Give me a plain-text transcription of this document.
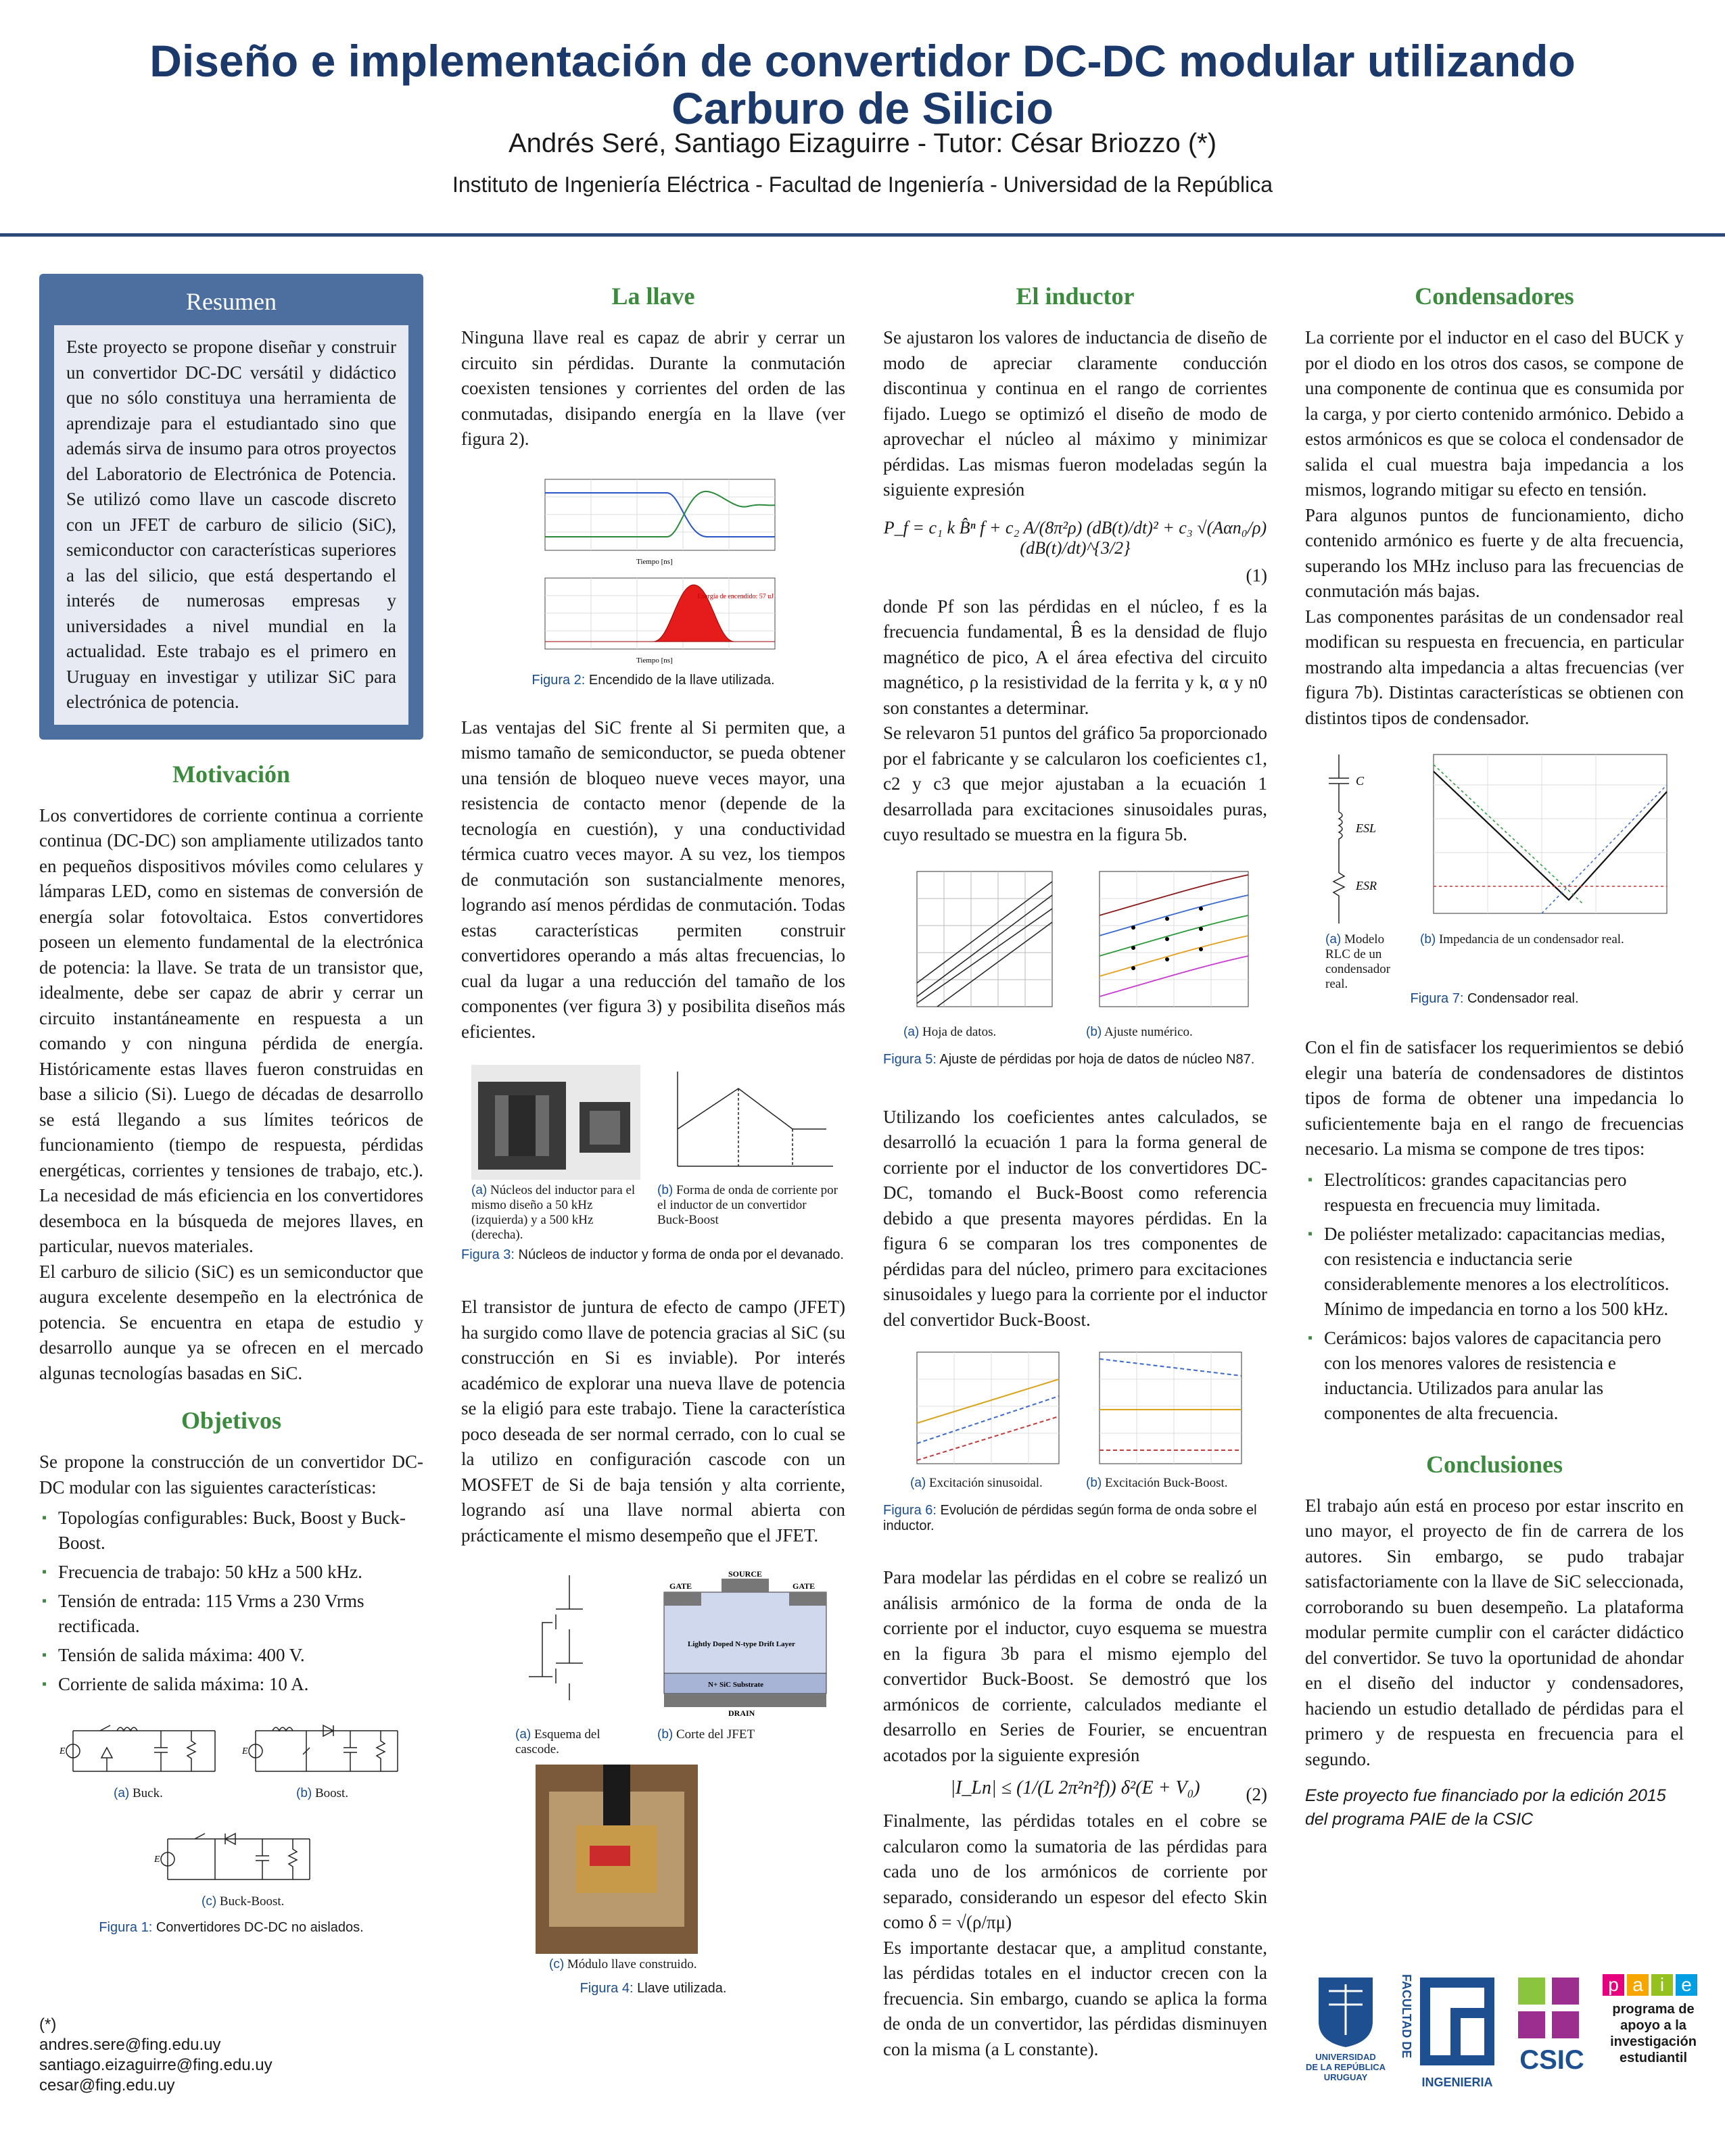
Diseño e implementación de convertidor DC-DC modular utilizando
Carburo de Silicio
Andrés Seré, Santiago Eizaguirre - Tutor: César Briozzo (*)
Instituto de Ingeniería Eléctrica - Facultad de Ingeniería - Universidad de la República
Resumen

Este proyecto se propone diseñar y construir un convertidor DC-DC versátil y didáctico que no sólo constituya una herramienta de aprendizaje para el estudiantado sino que además sirva de insumo para otros proyectos del Laboratorio de Electrónica de Potencia. Se utilizó como llave un cascode discreto con un JFET de carburo de silicio (SiC), semiconductor con características superiores a las del silicio, que está despertando el interés de numerosas empresas y universidades a nivel mundial en la actualidad. Este trabajo es el primero en Uruguay en investigar y utilizar SiC para electrónica de potencia.

Motivación

Los convertidores de corriente continua a corriente continua (DC-DC) son ampliamente utilizados tanto en pequeños dispositivos móviles como celulares y lámparas LED, como en sistemas de conversión de energía solar fotovoltaica. Estos convertidores poseen un elemento fundamental de la electrónica de potencia: la llave. Se trata de un transistor que, idealmente, debe ser capaz de abrir y cerrar un circuito instantáneamente en respuesta a un comando y con ninguna pérdida de energía. Históricamente estas llaves fueron construidas en base a silicio (Si). Luego de décadas de desarrollo se está llegando a sus límites teóricos de funcionamiento (tiempo de respuesta, pérdidas energéticas, corrientes y tensiones de trabajo, etc.). La necesidad de más eficiencia en los convertidores desemboca en la búsqueda de mejores llaves, en particular, nuevos materiales.

El carburo de silicio (SiC) es un semiconductor que augura excelente desempeño en la electrónica de potencia. Se encuentra en etapa de estudio y desarrollo aunque ya se ofrecen en el mercado algunas tecnologías basadas en SiC.

Objetivos

Se propone la construcción de un convertidor DC-DC modular con las siguientes características:

▪ Topologías configurables: Buck, Boost y Buck-Boost.
▪ Frecuencia de trabajo: 50 kHz a 500 kHz.
▪ Tensión de entrada: 115 Vrms a 230 Vrms rectificada.
▪ Tensión de salida máxima: 400 V.
▪ Corriente de salida máxima: 10 A.
E	E
(a) Buck.	(b) Boost.
E
(c) Buck-Boost.
Figura 1: Convertidores DC-DC no aislados.
(*)
andres.sere@fing.edu.uy
santiago.eizaguirre@fing.edu.uy
cesar@fing.edu.uy
La llave

Ninguna llave real es capaz de abrir y cerrar un circuito sin pérdidas. Durante la conmutación coexisten tensiones y corrientes del orden de las conmutadas, disipando energía en la llave (ver figura 2).

Tiempo [ns]
Energía de encendido: 57 uJ
Tiempo [ns]
Figura 2: Encendido de la llave utilizada.

Las ventajas del SiC frente al Si permiten que, a mismo tamaño de semiconductor, se pueda obtener una tensión de bloqueo nueve veces mayor, una resistencia de contacto menor (depende de la tecnología en cuestión), y una conductividad térmica cuatro veces mayor. A su vez, los tiempos de conmutación son sustancialmente menores, logrando así menos pérdidas de conmutación. Todas estas características permiten construir convertidores operando a más altas frecuencias, lo cual da lugar a una reducción del tamaño de los componentes (ver figura 3) y posibilita diseños más eficientes.

(a) Núcleos del inductor para el mismo diseño a 50 kHz (izquierda) y a 500 kHz (derecha).
(b) Forma de onda de corriente por el inductor de un convertidor Buck-Boost
Figura 3: Núcleos de inductor y forma de onda por el devanado.

El transistor de juntura de efecto de campo (JFET) ha surgido como llave de potencia gracias al SiC (su construcción en Si es inviable). Por interés académico de explorar una nueva llave de potencia se la eligió para este trabajo. Tiene la característica poco deseada de ser normal cerrado, con lo cual se la utilizo en configuración cascode con un MOSFET de Si de baja tensión y alta corriente, logrando así una llave normal abierta con prácticamente el mismo desempeño que el JFET.

SOURCE
GATE	GATE
Lightly Doped N-type Drift Layer
N+ SiC Substrate
DRAIN
(a) Esquema del cascode.
(b) Corte del JFET
(c) Módulo llave construido.
Figura 4: Llave utilizada.
El inductor

Se ajustaron los valores de inductancia de diseño de modo de apreciar claramente conducción discontinua y continua en el rango de corrientes fijado. Luego se optimizó el diseño de modo de aprovechar el núcleo al máximo y minimizar pérdidas. Las mismas fueron modeladas según la siguiente expresión

P_f = c₁ k B̂ⁿ f + c₂ A/(8π²ρ) (dB(t)/dt)² + c₃ √(Aαn₀/ρ) (dB(t)/dt)^{3/2}
(1)

donde Pf son las pérdidas en el núcleo, f es la frecuencia fundamental, B̂ es la densidad de flujo magnético de pico, A el área efectiva del circuito magnético, ρ la resistividad de la ferrita y k, α y n0 son constantes a determinar.

Se relevaron 51 puntos del gráfico 5a proporcionado por el fabricante y se calcularon los coeficientes c1, c2 y c3 que mejor ajustaban a la ecuación 1 desarrollada para excitaciones sinusoidales puras, cuyo resultado se muestra en la figura 5b.

(a) Hoja de datos.	(b) Ajuste numérico.
Figura 5: Ajuste de pérdidas por hoja de datos de núcleo N87.

Utilizando los coeficientes antes calculados, se desarrolló la ecuación 1 para la forma general de corriente por el inductor de los convertidores DC-DC, tomando el Buck-Boost como referencia debido a que presenta mayores pérdidas. En la figura 6 se comparan los tres componentes de pérdidas para del núcleo, primero para excitaciones sinusoidales y luego para la corriente por el inductor del convertidor Buck-Boost.

(a) Excitación sinusoidal.	(b) Excitación Buck-Boost.
Figura 6: Evolución de pérdidas según forma de onda sobre el inductor.

Para modelar las pérdidas en el cobre se realizó un análisis armónico de la forma de onda de la corriente por el inductor, cuyo esquema se muestra en la figura 3b para el mismo ejemplo del convertidor Buck-Boost. Se demostró que los armónicos de corriente, calculados mediante el desarrollo en Series de Fourier, se encuentran acotados por la siguiente expresión

|I_Ln| ≤ (1/(L 2π²n²f)) δ²(E + V₀)	(2)

Finalmente, las pérdidas totales en el cobre se calcularon como la sumatoria de las pérdidas para cada uno de los armónicos de corriente por separado, considerando un espesor del efecto Skin como δ = √(ρ/πμ)

Es importante destacar que, a amplitud constante, las pérdidas totales en el inductor crecen con la frecuencia. Sin embargo, cuando se aplica la forma de onda de un convertidor, las pérdidas disminuyen con la misma (a L constante).

Condensadores

La corriente por el inductor en el caso del BUCK y por el diodo en los otros dos casos, se compone de una componente de continua que es consumida por la carga, y por cierto contenido armónico. Debido a estos armónicos es que se coloca el condensador de salida el cual muestra baja impedancia a los mismos, logrando mitigar su efecto en tensión.

Para algunos puntos de funcionamiento, dicho contenido armónico es fuerte y de alta frecuencia, superando los MHz incluso para las frecuencias de conmutación más bajas.

Las componentes parásitas de un condensador real modifican su respuesta en frecuencia, en particular mostrando alta impedancia a altas frecuencias (ver figura 7b). Distintas características se obtienen con distintos tipos de condensador.

C
ESL
ESR
(a) Modelo RLC de un condensador real.
(b) Impedancia de un condensador real.
Figura 7: Condensador real.

Con el fin de satisfacer los requerimientos se debió elegir una batería de condensadores de distintos tipos de forma de obtener una impedancia lo suficientemente baja en el rango de frecuencias necesario. La misma se compone de tres tipos:

▪ Electrolíticos: grandes capacitancias pero respuesta en frecuencia muy limitada.
▪ De poliéster metalizado: capacitancias medias, con resistencia e inductancia serie considerablemente menores a los electrolíticos. Mínimo de impedancia en torno a los 500 kHz.
▪ Cerámicos: bajos valores de capacitancia pero con los menores valores de resistencia e inductancia. Utilizados para anular las componentes de alta frecuencia.
Conclusiones

El trabajo aún está en proceso por estar inscrito en uno mayor, el proyecto de fin de carrera de los autores. Sin embargo, se pudo trabajar satisfactoriamente con la llave de SiC seleccionada, corroborando su buen desempeño. La plataforma modular permite cumplir con el carácter didáctico del convertidor. Se tuvo la oportunidad de ahondar en el diseño del inductor y condensadores, haciendo un estudio detallado de pérdidas para el primero y de respuesta en frecuencia para el segundo.

Este proyecto fue financiado por la edición 2015 del programa PAIE de la CSIC
UNIVERSIDAD
DE LA REPÚBLICA
URUGUAY
FACULTAD DE
INGENIERIA
CSIC
p a i e
programa de apoyo a la investigación estudiantil
